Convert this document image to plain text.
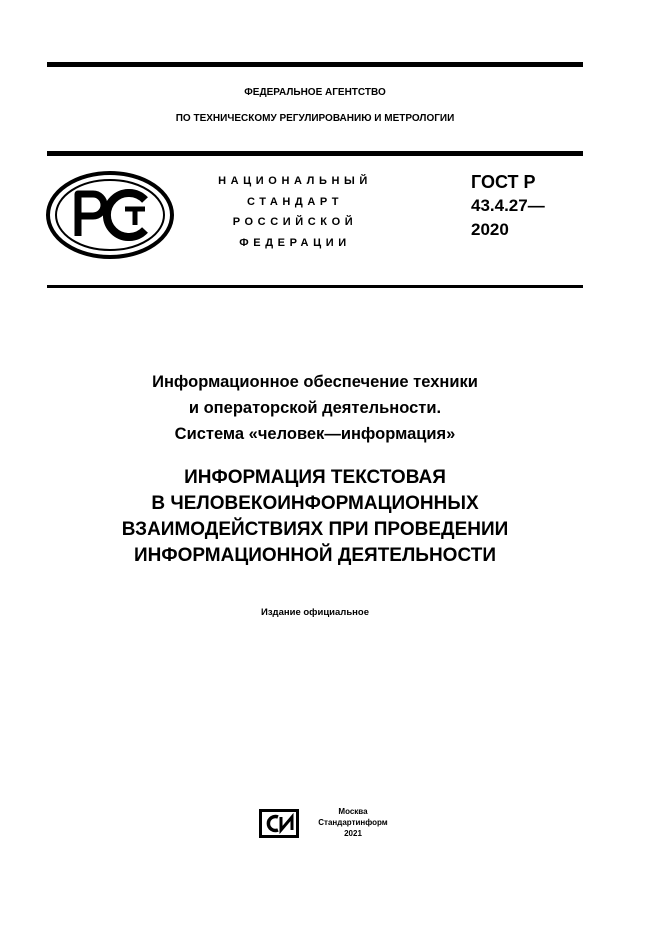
ФЕДЕРАЛЬНОЕ АГЕНТСТВО
ПО ТЕХНИЧЕСКОМУ РЕГУЛИРОВАНИЮ И МЕТРОЛОГИИ
НАЦИОНАЛЬНЫЙ
СТАНДАРТ
РОССИЙСКОЙ
ФЕДЕРАЦИИ
ГОСТ Р
43.4.27—
2020
Информационное обеспечение техники
и операторской деятельности.
Система «человек—информация»
ИНФОРМАЦИЯ ТЕКСТОВАЯ
В ЧЕЛОВЕКОИНФОРМАЦИОННЫХ
ВЗАИМОДЕЙСТВИЯХ ПРИ ПРОВЕДЕНИИ
ИНФОРМАЦИОННОЙ ДЕЯТЕЛЬНОСТИ
Издание официальное
Москва
Стандартинформ
2021
